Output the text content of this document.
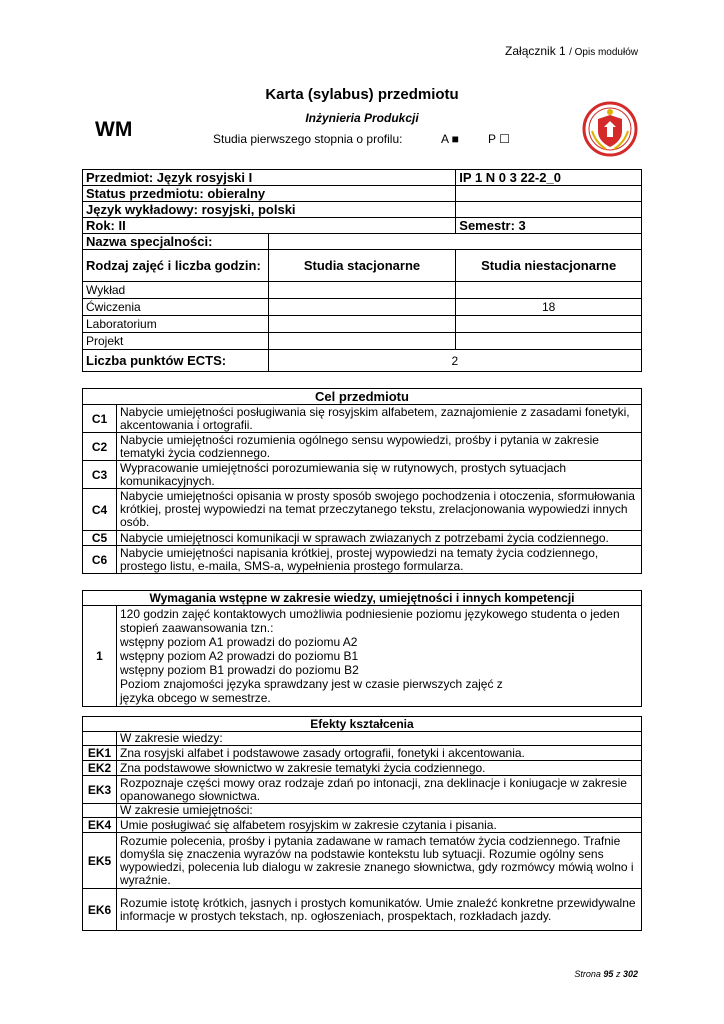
Załącznik 1 / Opis modułów
WM
Karta (sylabus) przedmiotu
Inżynieria Produkcji
Studia pierwszego stopnia o profilu:	A ■ P ☐
Przedmiot: Język rosyjski I		IP 1 N 0 3 22-2_0
Status przedmiotu: obieralny		
Język wykładowy: rosyjski, polski		
Rok: II		Semestr: 3
Nazwa specjalności:		
Rodzaj zajęć i liczba godzin:	Studia stacjonarne	Studia niestacjonarne
Wykład		
Ćwiczenia		18
Laboratorium		
Projekt		
Liczba punktów ECTS:	2	
Cel przedmiotu	
C1	Nabycie umiejętności posługiwania się rosyjskim alfabetem, zaznajomienie z zasadami fonetyki, akcentowania i ortografii.
C2	Nabycie umiejętności rozumienia ogólnego sensu wypowiedzi, prośby i pytania w zakresie tematyki życia codziennego.
C3	Wypracowanie umiejętności porozumiewania się w rutynowych, prostych sytuacjach komunikacyjnych.
C4	Nabycie umiejętności opisania w prosty sposób swojego pochodzenia i otoczenia, sformułowania krótkiej, prostej wypowiedzi na temat przeczytanego tekstu, zrelacjonowania wypowiedzi innych osób.
C5	Nabycie umiejętnosci komunikacji w sprawach zwiazanych z potrzebami życia codziennego.
C6	Nabycie umiejętności napisania krótkiej, prostej wypowiedzi na tematy życia codziennego, prostego listu, e-maila, SMS-a, wypełnienia prostego formularza.
Wymagania wstępne w zakresie wiedzy, umiejętności i innych kompetencji
1	
120 godzin zajęć kontaktowych umożliwia podniesienie poziomu językowego studenta o jeden
stopień zaawansowania tzn.:
wstępny poziom A1 prowadzi do poziomu A2
wstępny poziom A2 prowadzi do poziomu B1
wstępny poziom B1 prowadzi do poziomu B2
Poziom znajomości języka sprawdzany jest w czasie pierwszych zajęć z
języka obcego w semestrze.
Efekty kształcenia	
	W zakresie wiedzy:
EK1	Zna rosyjski alfabet i podstawowe zasady ortografii, fonetyki i akcentowania.
EK2	Zna podstawowe słownictwo w zakresie tematyki życia codziennego.
EK3	Rozpoznaje części mowy oraz rodzaje zdań po intonacji, zna deklinacje i koniugacje w zakresie opanowanego słownictwa.
	W zakresie umiejętności:
EK4	Umie posługiwać się alfabetem rosyjskim w zakresie czytania i pisania.
EK5	Rozumie polecenia, prośby i pytania zadawane w ramach tematów życia codziennego. Trafnie domyśla się znaczenia wyrazów na podstawie kontekstu lub sytuacji. Rozumie ogólny sens wypowiedzi, polecenia lub dialogu w zakresie znanego słownictwa, gdy rozmówcy mówią wolno i wyraźnie.
EK6	Rozumie istotę krótkich, jasnych i prostych komunikatów. Umie znaleźć konkretne przewidywalne informacje w prostych tekstach, np. ogłoszeniach, prospektach, rozkładach jazdy.
Strona 95 z 302
